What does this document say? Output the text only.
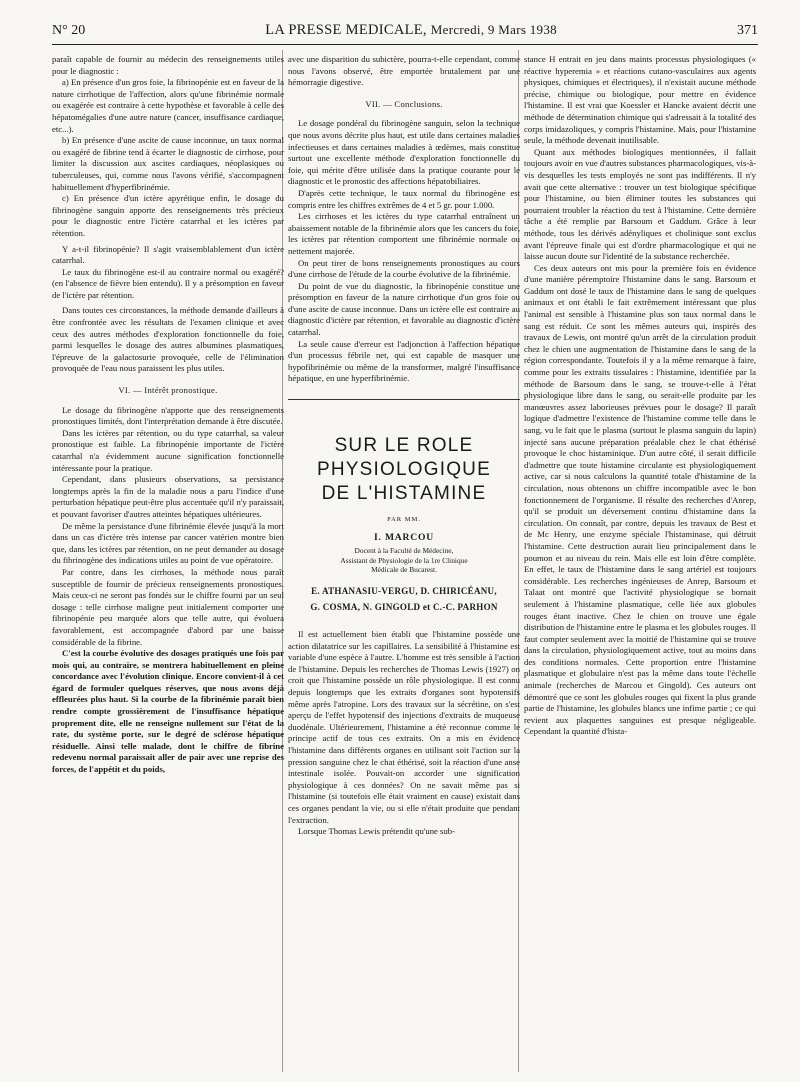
N° 20	LA PRESSE MEDICALE, Mercredi, 9 Mars 1938	371

paraît capable de fournir au médecin des renseignements utiles pour le diagnostic :

a) En présence d'un gros foie, la fibrinopénie est en faveur de la nature cirrhotique de l'affection, alors qu'une fibrinémie normale ou exagérée est contraire à cette hypothèse et favorable à celle des hépatomégalies d'une autre nature (cancer, insuffisance cardiaque, etc...).

b) En présence d'une ascite de cause inconnue, un taux normal ou exagéré de fibrine tend à écarter le diagnostic de cirrhose, pour limiter la discussion aux ascites cardiaques, néoplasiques ou tuberculeuses, qui, comme nous l'avons vérifié, s'accompagnent habituellement d'hyperfibrinémie.

c) En présence d'un ictère apyrétique enfin, le dosage du fibrinogène sanguin apporte des renseignements très précieux pour le diagnostic entre l'ictère catarrhal et les ictères par rétention.

Y a-t-il fibrinopénie? Il s'agit vraisemblablement d'un ictère catarrhal.

Le taux du fibrinogène est-il au contraire normal ou exagéré? (en l'absence de fièvre bien entendu). Il y a présomption en faveur de l'ictère par rétention.

Dans toutes ces circonstances, la méthode demande d'ailleurs à être confrontée avec les résultats de l'examen clinique et avec ceux des autres méthodes d'exploration fonctionnelle du foie, parmi lesquelles le dosage des autres albumines plasmatiques, l'épreuve de la galactosurie provoquée, celle de l'élimination provoquée de l'eau nous paraissent les plus utiles.

VI. — Intérêt pronostique.

Le dosage du fibrinogène n'apporte que des renseignements pronostiques limités, dont l'interprétation demande à être discutée.

Dans les ictères par rétention, ou du type catarrhal, sa valeur pronostique est faible. La fibrinopénie importante de l'ictère catarrhal n'a évidemment aucune signification fonctionnelle intéressante pour la pratique.

Cependant, dans plusieurs observations, sa persistance longtemps après la fin de la maladie nous a paru l'indice d'une perturbation hépatique peut-être plus accentuée qu'il n'y paraissait, et pouvant favoriser d'autres atteintes hépatiques ultérieures.

De même la persistance d'une fibrinémie élevée jusqu'à la mort dans un cas d'ictère très intense par cancer vatérien montre bien que, dans les ictères par rétention, on ne peut demander au dosage du fibrinogène des indications utiles au point de vue opératoire.

Par contre, dans les cirrhoses, la méthode nous paraît susceptible de fournir de précieux renseignements pronostiques. Mais ceux-ci ne seront pas fondés sur le chiffre fourni par un seul dosage : telle cirrhose maligne peut initialement comporter une fibrinopénie peu marquée alors que telle autre, qui évoluera favorablement, est accompagnée d'abord par une baisse considérable de la fibrine.

C'est la courbe évolutive des dosages pratiqués une fois par mois qui, au contraire, se montrera habituellement en pleine concordance avec l'évolution clinique. Encore convient-il à cet égard de formuler quelques réserves, que nous avons déjà effleurées plus haut. Si la courbe de la fibrinémie paraît bien rendre compte grossièrement de l'insuffisance hépatique proprement dite, elle ne renseigne nullement sur l'état de la rate, du système porte, sur le degré de sclérose hépatique résiduelle. Ainsi telle malade, dont le chiffre de fibrine redevenu normal paraissait aller de pair avec une reprise des forces, de l'appétit et du poids,

avec une disparition du subictère, pourra-t-elle cependant, comme nous l'avons observé, être emportée brutalement par une hémorragie digestive.

VII. — Conclusions.

Le dosage pondéral du fibrinogène sanguin, selon la technique que nous avons décrite plus haut, est utile dans certaines maladies infectieuses et dans certaines maladies à œdèmes, mais constitue surtout une excellente méthode d'exploration fonctionnelle du foie, qui mérite d'être utilisée dans la pratique courante pour le diagnostic et le pronostic des affections hépatobiliaires.

D'après cette technique, le taux normal du fibrinogène est compris entre les chiffres extrêmes de 4 et 5 gr. pour 1.000.

Les cirrhoses et les ictères du type catarrhal entraînent un abaissement notable de la fibrinémie alors que les cancers du foie, les ictères par rétention comportent une fibrinémie normale ou nettement majorée.

On peut tirer de bons renseignements pronostiques au cours d'une cirrhose de l'étude de la courbe évolutive de la fibrinémie.

Du point de vue du diagnostic, la fibrinopénie constitue une présomption en faveur de la nature cirrhotique d'un gros foie ou d'une ascite de cause inconnue. Dans un ictère elle est contraire au diagnostic d'ictère par rétention, et favorable au diagnostic d'ictère catarrhal.

La seule cause d'erreur est l'adjonction à l'affection hépatique d'un processus fébrile net, qui est capable de masquer une hypofibrinémie ou même de la transformer, malgré l'insuffisance hépatique, en une hyperfibrinémie.

SUR LE ROLE
PHYSIOLOGIQUE
DE L'HISTAMINE
PAR MM.
I. MARCOU
Docent à la Faculté de Médecine,
Assistant de Physiologie de la 1re Clinique
Médicale de Bucarest.
E. ATHANASIU-VERGU, D. CHIRICÉANU,
G. COSMA, N. GINGOLD et C.-C. PARHON

Il est actuellement bien établi que l'histamine possède une action dilatatrice sur les capillaires. La sensibilité à l'histamine est variable d'une espèce à l'autre. L'homme est très sensible à l'action de l'histamine. Depuis les recherches de Thomas Lewis (1927) on croit que l'histamine possède un rôle physiologique. Il est connu depuis longtemps que les extraits d'organes sont hypotensifs même après l'atropine. Lors des travaux sur la sécrétine, on s'est aperçu de l'effet hypotensif des injections d'extraits de muqueuse duodénale. Ultérieurement, l'histamine a été reconnue comme le principe actif de tous ces extraits. On a mis en évidence l'histamine dans différents organes en utilisant soit l'action sur la pression sanguine chez le chat éthérisé, soit la réaction d'une anse intestinale isolée. Pouvait-on accorder une signification physiologique à ces données? On ne savait même pas si l'histamine (si toutefois elle était vraiment en cause) existait dans ces organes pendant la vie, ou si elle n'était produite que pendant l'extraction.

Lorsque Thomas Lewis prétendit qu'une sub-

stance H entrait en jeu dans maints processus physiologiques (« réactive hyperemia » et réactions cutano-vasculaires aux agents physiques, chimiques et électriques), il n'existait aucune méthode précise, chimique ou biologique, pour mettre en évidence l'histamine. Il est vrai que Koessler et Hancke avaient décrit une méthode de détermination chimique qui s'adressait à la totalité des corps imidazoliques, y compris l'histamine. Mais, pour l'histamine seule, la méthode devenait inutilisable.

Quant aux méthodes biologiques mentionnées, il fallait toujours avoir en vue d'autres substances pharmacologiques, vis-à-vis desquelles les tests employés ne sont pas indifférents. Il n'y avait que cette alternative : trouver un test biologique spécifique pour l'histamine, ou bien éliminer toutes les substances qui pourraient troubler la réaction du test à l'histamine. Cette dernière tâche a été remplie par Barsoum et Gaddum. Grâce à leur méthode, tous les dérivés adényliques et cholinique sont exclus avant l'épreuve finale qui est d'ordre pharmacologique et qui ne laisse aucun doute sur l'identité de la substance recherchée.

Ces deux auteurs ont mis pour la première fois en évidence d'une manière péremptoire l'histamine dans le sang. Barsoum et Gaddum ont dosé le taux de l'histamine dans le sang de quelques animaux et ont établi le fait extrêmement intéressant que plus l'animal est sensible à l'histamine plus son taux normal dans le sang est réduit. Ce sont les mêmes auteurs qui, inspirés des travaux de Lewis, ont montré qu'un arrêt de la circulation produit chez le chien une augmentation de l'histamine dans le sang de la région correspondante. Toutefois il y a la même remarque à faire, comme pour les extraits tissulaires : l'histamine, identifiée par la méthode de Barsoum dans le sang, se trouve-t-elle à l'état physiologique libre dans le sang, ou serait-elle produite par les manœuvres assez laborieuses prévues pour le dosage? Il paraît logique d'admettre l'existence de l'histamine comme telle dans le sang, vu le fait que le plasma (surtout le plasma sanguin du lapin) injecté sans aucune préparation préalable chez le chat éthérisé provoque le choc histaminique. D'un autre côté, il serait difficile d'admettre que toute histamine circulante est physiologiquement active, car si nous calculons la quantité totale d'histamine de la circulation, nous obtenons un chiffre incompatible avec le bon fonctionnement de l'organisme. Il résulte des recherches d'Anrep, qu'il se produit un déversement continu d'histamine dans la circulation. On connaît, par contre, depuis les travaux de Best et de Mc Henry, une enzyme spéciale l'histaminase, qui détruit l'histamine. Cette destruction aurait lieu principalement dans le poumon et au niveau du rein. Mais elle est loin d'être complète. En effet, le taux de l'histamine dans le sang artériel est toujours considérable. Les recherches ingénieuses de Anrep, Barsoum et Talaat ont montré que l'activité physiologique se bornait seulement à l'histamine plasmatique, celle liée aux globules rouges étant inactive. Chez le chien on trouve une égale distribution de l'histamine entre le plasma et les globules rouges. Il faut compter seulement avec la moitié de l'histamine qui se trouve dans la circulation, physiologiquement active, tout au moins dans des conditions normales. Cette proportion entre l'histamine plasmatique et globulaire n'est pas la même dans toute l'échelle animale (recherches de Marcou et Gingold). Ces auteurs ont démontré que ce sont les globules rouges qui fixent la plus grande partie de l'histamine, les globules blancs une infime partie ; ce qui revient aux plaquettes sanguines est presque négligeable. Cependant la quantité d'hista-
